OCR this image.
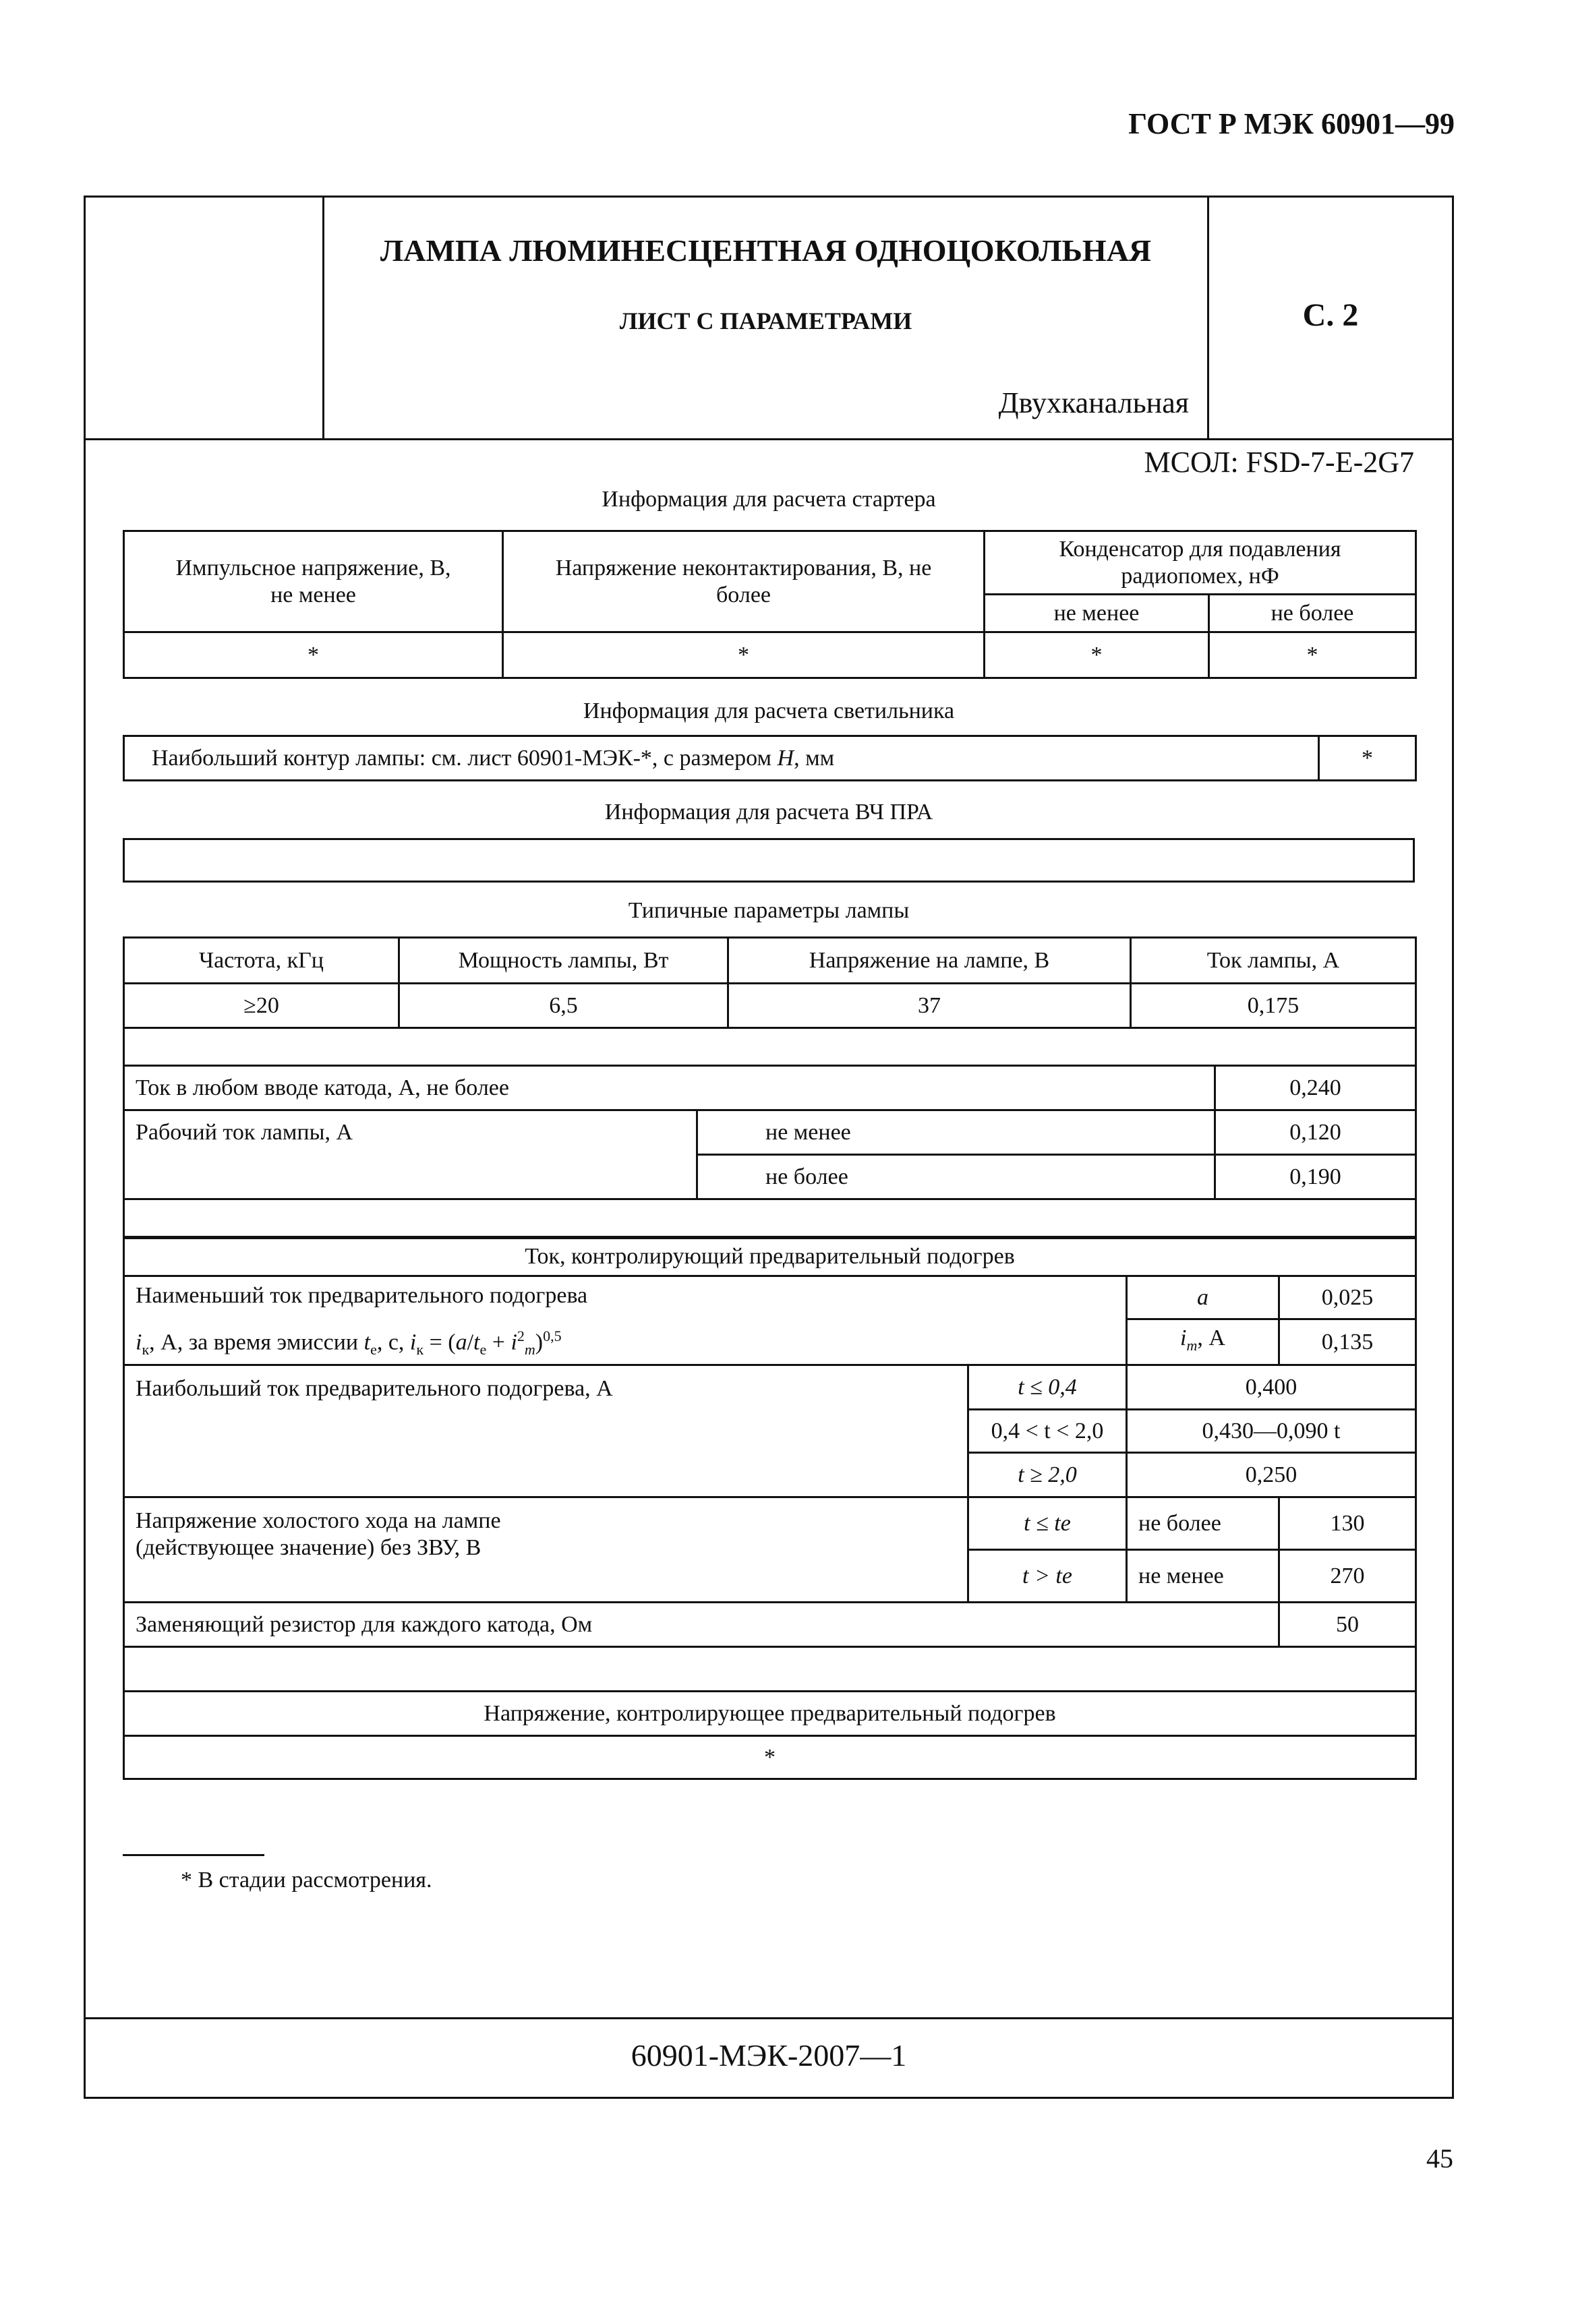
ГОСТ Р МЭК 60901—99
ЛАМПА ЛЮМИНЕСЦЕНТНАЯ ОДНОЦОКОЛЬНАЯ
ЛИСТ С ПАРАМЕТРАМИ
Двухканальная
С. 2
МСОЛ: FSD-7-E-2G7
Информация для расчета стартера
Импульсное напряжение, В, не менее	Напряжение неконтактирования, В, не более	Конденсатор для подавления радиопомех, нФ	
		не менее	не более
*	*	*	*
Информация для расчета светильника
Наибольший контур лампы: см. лист 60901-МЭК-*, с размером Н, мм	*
Информация для расчета ВЧ ПРА
Типичные параметры лампы
Частота, кГц	Мощность лампы, Вт	Напряжение на лампе, В	Ток лампы, А
≥20	6,5	37	0,175

Ток в любом вводе катода, А, не более		0,240
Рабочий ток лампы, А	не менее	0,120
	не более	0,190

Ток, контролирующий предварительный подогрев			

Наименьший ток предварительного подогрева
$i_к$, А, за время эмиссии $t_е$, с, $i_к = (a/t_е + i^2_m)^{0,5}$		а	0,025
		$i_m$, А	0,135
Наибольший ток предварительного подогрева, А	t ≤ 0,4	0,400	
	0,4 < t < 2,0	0,430—0,090 t	
	t ≥ 2,0	0,250	
Напряжение холостого хода на лампе (действующее значение) без ЗВУ, В	t ≤ te	не более	130
	t > te	не менее	270
Заменяющий резистор для каждого катода, Ом			50

Напряжение, контролирующее предварительный подогрев			
*			
* В стадии рассмотрения.
60901-МЭК-2007—1
45
